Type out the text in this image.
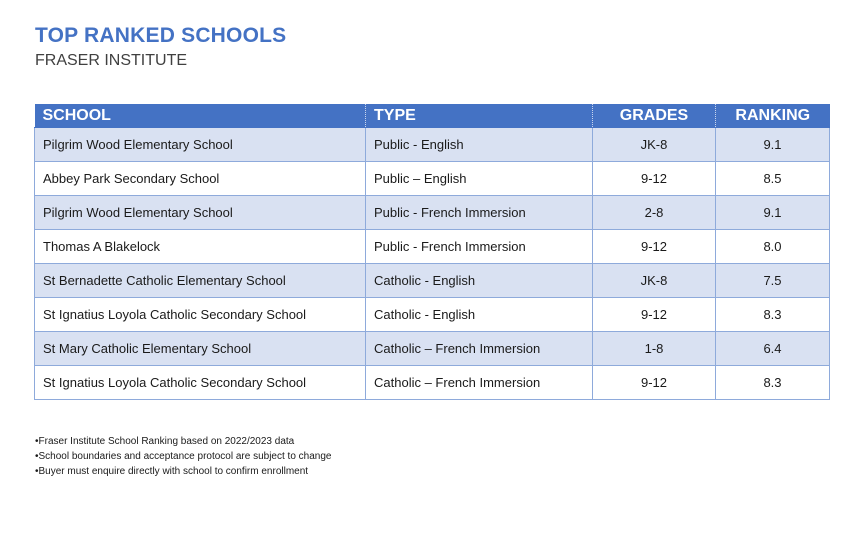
TOP RANKED SCHOOLS
FRASER INSTITUTE
SCHOOL	TYPE	GRADES	RANKING
Pilgrim Wood Elementary School	Public - English	JK-8	9.1
Abbey Park Secondary School	Public – English	9-12	8.5
Pilgrim Wood Elementary School	Public - French Immersion	2-8	9.1
Thomas A Blakelock	Public - French Immersion	9-12	8.0
St Bernadette Catholic Elementary School	Catholic - English	JK-8	7.5
St Ignatius Loyola Catholic Secondary School	Catholic - English	9-12	8.3
St Mary Catholic Elementary School	Catholic – French Immersion	1-8	6.4
St Ignatius Loyola Catholic Secondary School	Catholic – French Immersion	9-12	8.3
•Fraser Institute School Ranking based on 2022/2023 data
•School boundaries and acceptance protocol are subject to change
•Buyer must enquire directly with school to confirm enrollment
